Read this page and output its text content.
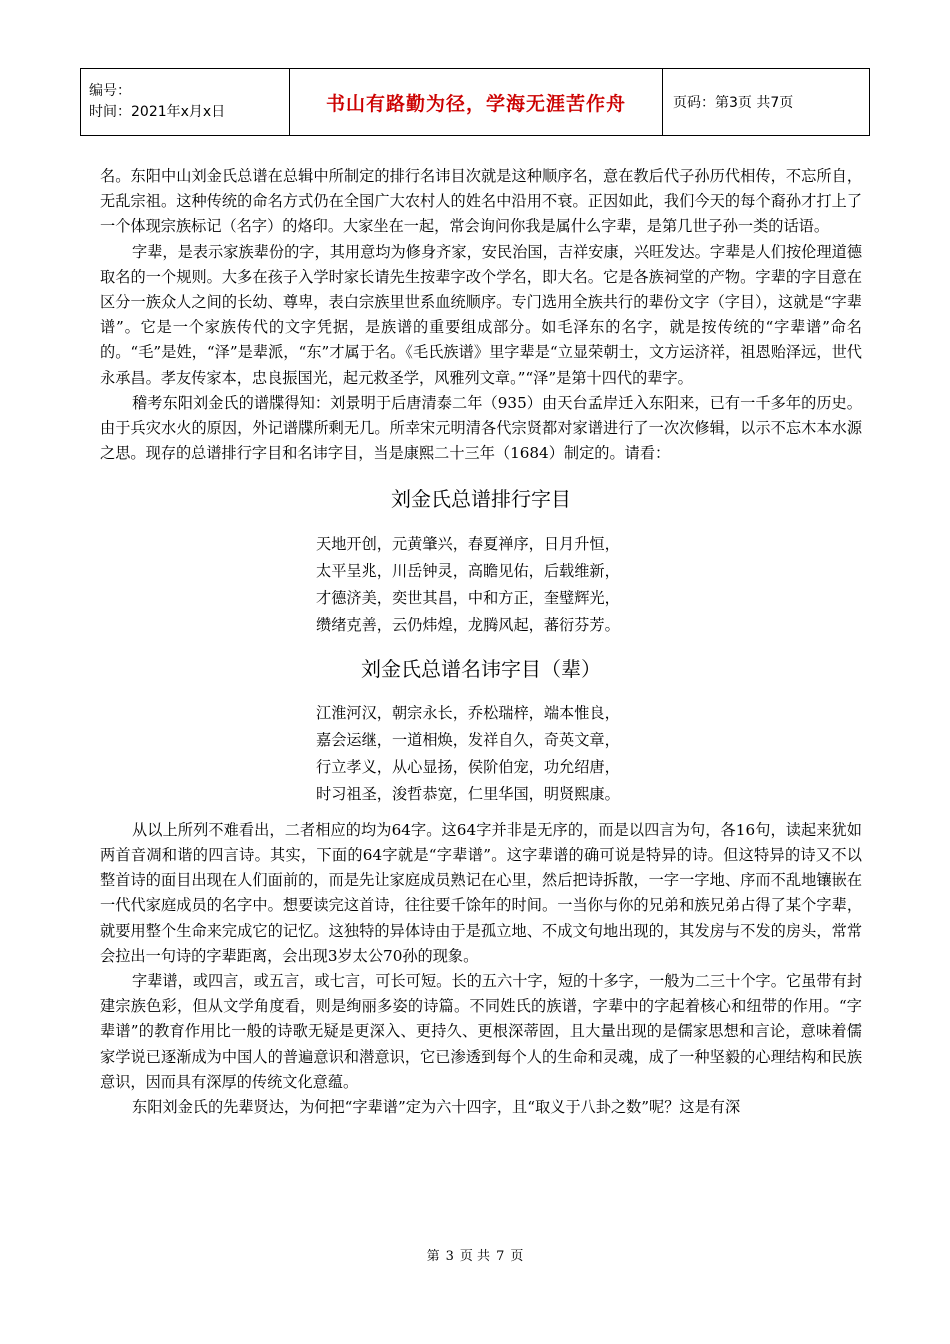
编号：
时间：2021年x月x日	书山有路勤为径，学海无涯苦作舟	页码：第3页 共7页

名。东阳中山刘金氏总谱在总辑中所制定的排行名讳目次就是这种顺序名，意在教后代子孙历代相传，不忘所自，无乱宗祖。这种传统的命名方式仍在全国广大农村人的姓名中沿用不衰。正因如此，我们今天的每个裔孙才打上了一个体现宗族标记（名字）的烙印。大家坐在一起，常会询问你我是属什么字辈，是第几世子孙一类的话语。

字辈，是表示家族辈份的字，其用意均为修身齐家，安民治国，吉祥安康，兴旺发达。字辈是人们按伦理道德取名的一个规则。大多在孩子入学时家长请先生按辈字改个学名，即大名。它是各族祠堂的产物。字辈的字目意在区分一族众人之间的长幼、尊卑，表白宗族里世系血统顺序。专门选用全族共行的辈份文字（字目），这就是“字辈谱”。它是一个家族传代的文字凭据，是族谱的重要组成部分。如毛泽东的名字，就是按传统的“字辈谱”命名的。“毛”是姓，“泽”是辈派，“东”才属于名。《毛氏族谱》里字辈是“立显荣朝士，文方运济祥，祖恩贻泽远，世代永承昌。孝友传家本，忠良振国光，起元救圣学，风雅列文章。”“泽”是第十四代的辈字。

稽考东阳刘金氏的谱牒得知：刘景明于后唐清泰二年（935）由天台孟岸迁入东阳来，已有一千多年的历史。由于兵灾水火的原因，外记谱牒所剩无几。所幸宋元明清各代宗贤都对家谱进行了一次次修辑，以示不忘木本水源之思。现存的总谱排行字目和名讳字目，当是康熙二十三年（1684）制定的。请看：

刘金氏总谱排行字目
天地开创，元黄肇兴，春夏禅序，日月升恒，
太平呈兆，川岳钟灵，高瞻见佑，后载维新，
才德济美，奕世其昌，中和方正，奎璧辉光，
缵绪克善，云仍炜煌，龙腾风起，蕃衍芬芳。
刘金氏总谱名讳字目（辈）
江淮河汉，朝宗永长，乔松瑞梓，端本惟良，
嘉会运继，一道相焕，发祥自久，奇英文章，
行立孝义，从心显扬，侯阶伯宠，功允绍唐，
时习祖圣，浚哲恭宽，仁里华国，明贤熙康。

从以上所列不难看出，二者相应的均为64字。这64字并非是无序的，而是以四言为句，各16句，读起来犹如两首音凋和谐的四言诗。其实，下面的64字就是“字辈谱”。这字辈谱的确可说是特异的诗。但这特异的诗又不以整首诗的面目出现在人们面前的，而是先让家庭成员熟记在心里，然后把诗拆散，一字一字地、序而不乱地镶嵌在一代代家庭成员的名字中。想要读完这首诗，往往要千馀年的时间。一当你与你的兄弟和族兄弟占得了某个字辈，就要用整个生命来完成它的记忆。这独特的异体诗由于是孤立地、不成文句地出现的，其发房与不发的房头，常常会拉出一句诗的字辈距离，会出现3岁太公70孙的现象。

字辈谱，或四言，或五言，或七言，可长可短。长的五六十字，短的十多字，一般为二三十个字。它虽带有封建宗族色彩，但从文学角度看，则是绚丽多姿的诗篇。不同姓氏的族谱，字辈中的字起着核心和纽带的作用。“字辈谱”的教育作用比一般的诗歌无疑是更深入、更持久、更根深蒂固，且大量出现的是儒家思想和言论，意味着儒家学说已逐渐成为中国人的普遍意识和潜意识，它已渗透到每个人的生命和灵魂，成了一种坚毅的心理结构和民族意识，因而具有深厚的传统文化意蕴。

东阳刘金氏的先辈贤达，为何把“字辈谱”定为六十四字，且“取义于八卦之数”呢？这是有深

第 3 页 共 7 页
